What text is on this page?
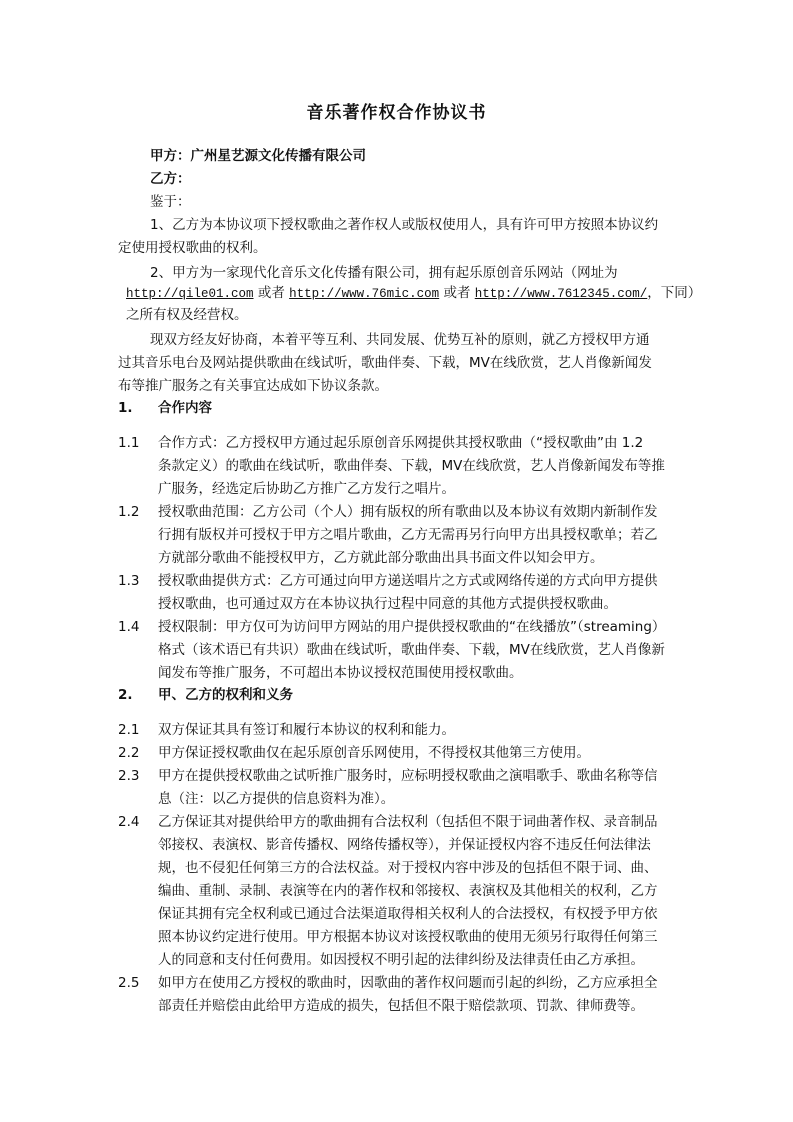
音乐著作权合作协议书
甲方：广州星艺源文化传播有限公司
乙方：
鉴于：
1、乙方为本协议项下授权歌曲之著作权人或版权使用人，具有许可甲方按照本协议约
定使用授权歌曲的权利。
2、甲方为一家现代化音乐文化传播有限公司，拥有起乐原创音乐网站（网址为
http://qile01.com 或者 http://www.76mic.com 或者 http://www.7612345.com/，下同）
之所有权及经营权。
现双方经友好协商，本着平等互利、共同发展、优势互补的原则，就乙方授权甲方通
过其音乐电台及网站提供歌曲在线试听，歌曲伴奏、下载，MV在线欣赏，艺人肖像新闻发
布等推广服务之有关事宜达成如下协议条款。
1. 合作内容
1.1 合作方式：乙方授权甲方通过起乐原创音乐网提供其授权歌曲（“授权歌曲”由 1.2
条款定义）的歌曲在线试听，歌曲伴奏、下载，MV在线欣赏，艺人肖像新闻发布等推
广服务，经选定后协助乙方推广乙方发行之唱片。
1.2 授权歌曲范围：乙方公司（个人）拥有版权的所有歌曲以及本协议有效期内新制作发
行拥有版权并可授权于甲方之唱片歌曲，乙方无需再另行向甲方出具授权歌单；若乙
方就部分歌曲不能授权甲方，乙方就此部分歌曲出具书面文件以知会甲方。
1.3 授权歌曲提供方式：乙方可通过向甲方递送唱片之方式或网络传递的方式向甲方提供
授权歌曲，也可通过双方在本协议执行过程中同意的其他方式提供授权歌曲。
1.4 授权限制：甲方仅可为访问甲方网站的用户提供授权歌曲的“在线播放”（streaming）
格式（该术语已有共识）歌曲在线试听，歌曲伴奏、下载，MV在线欣赏，艺人肖像新
闻发布等推广服务，不可超出本协议授权范围使用授权歌曲。
2. 甲、乙方的权利和义务
2.1 双方保证其具有签订和履行本协议的权利和能力。
2.2 甲方保证授权歌曲仅在起乐原创音乐网使用，不得授权其他第三方使用。
2.3 甲方在提供授权歌曲之试听推广服务时，应标明授权歌曲之演唱歌手、歌曲名称等信
息（注：以乙方提供的信息资料为准）。
2.4 乙方保证其对提供给甲方的歌曲拥有合法权利（包括但不限于词曲著作权、录音制品
邻接权、表演权、影音传播权、网络传播权等），并保证授权内容不违反任何法律法
规，也不侵犯任何第三方的合法权益。对于授权内容中涉及的包括但不限于词、曲、
编曲、重制、录制、表演等在内的著作权和邻接权、表演权及其他相关的权利，乙方
保证其拥有完全权利或已通过合法渠道取得相关权利人的合法授权，有权授予甲方依
照本协议约定进行使用。甲方根据本协议对该授权歌曲的使用无须另行取得任何第三
人的同意和支付任何费用。如因授权不明引起的法律纠纷及法律责任由乙方承担。
2.5 如甲方在使用乙方授权的歌曲时，因歌曲的著作权问题而引起的纠纷，乙方应承担全
部责任并赔偿由此给甲方造成的损失，包括但不限于赔偿款项、罚款、律师费等。
